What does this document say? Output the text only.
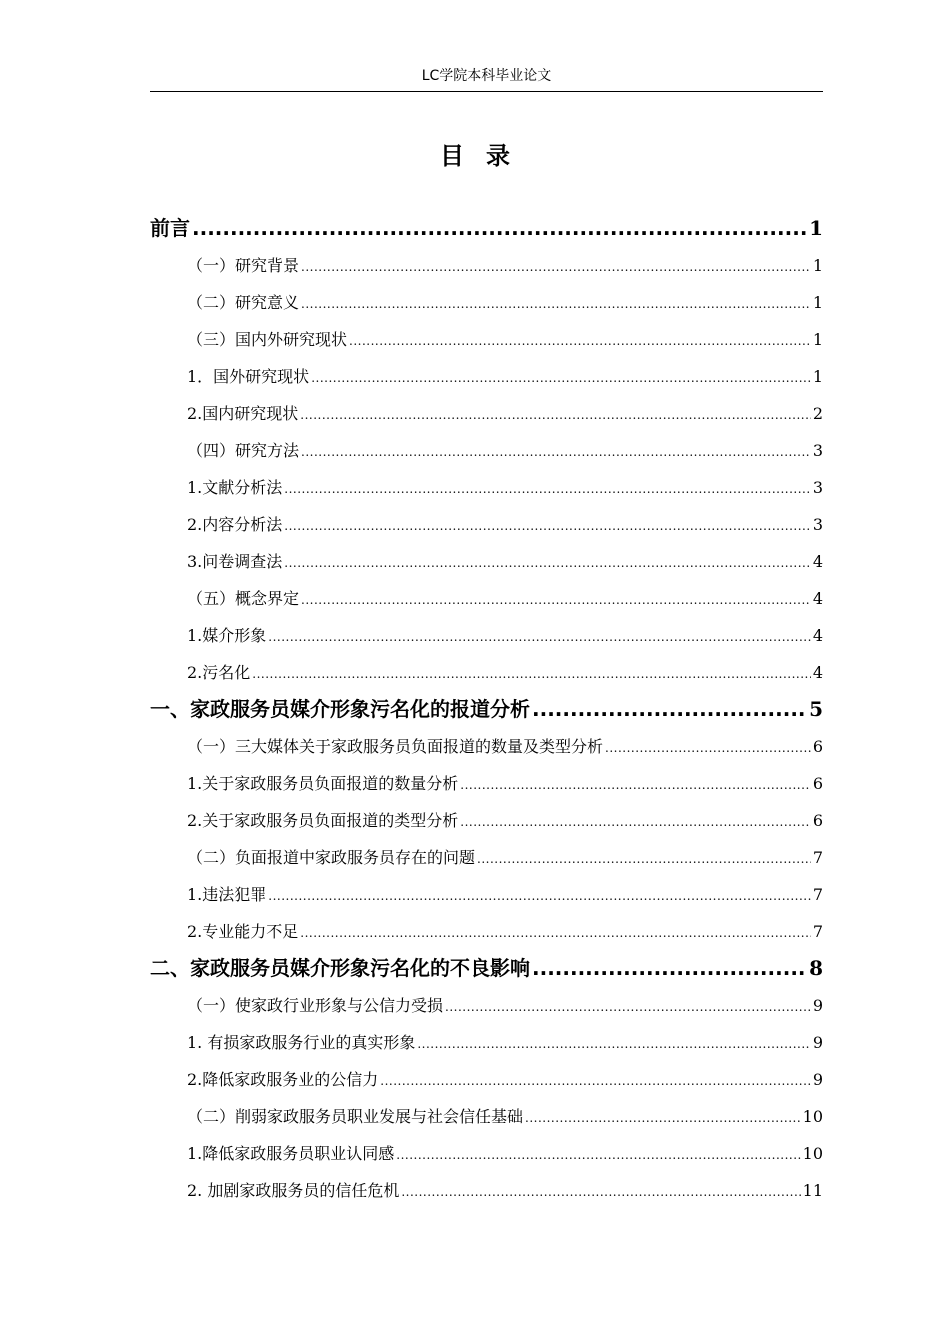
LC学院本科毕业论文
目录
前言 .....	1
（一）研究背景 .....	1
（二）研究意义 .....	1
（三）国内外研究现状 .....	1
1．国外研究现状 .....	1
2.国内研究现状 .....	2
（四）研究方法 .....	3
1.文献分析法 .....	3
2.内容分析法 .....	3
3.问卷调查法 .....	4
（五）概念界定 .....	4
1.媒介形象 .....	4
2.污名化 .....	4
一、家政服务员媒介形象污名化的报道分析 .....	5
（一）三大媒体关于家政服务员负面报道的数量及类型分析 .....	6
1.关于家政服务员负面报道的数量分析 .....	6
2.关于家政服务员负面报道的类型分析 .....	6
（二）负面报道中家政服务员存在的问题 .....	7
1.违法犯罪 .....	7
2.专业能力不足 .....	7
二、家政服务员媒介形象污名化的不良影响 .....	8
（一）使家政行业形象与公信力受损 .....	9
1. 有损家政服务行业的真实形象 .....	9
2.降低家政服务业的公信力 .....	9
（二）削弱家政服务员职业发展与社会信任基础 .....	10
1.降低家政服务员职业认同感 .....	10
2. 加剧家政服务员的信任危机 .....	11
